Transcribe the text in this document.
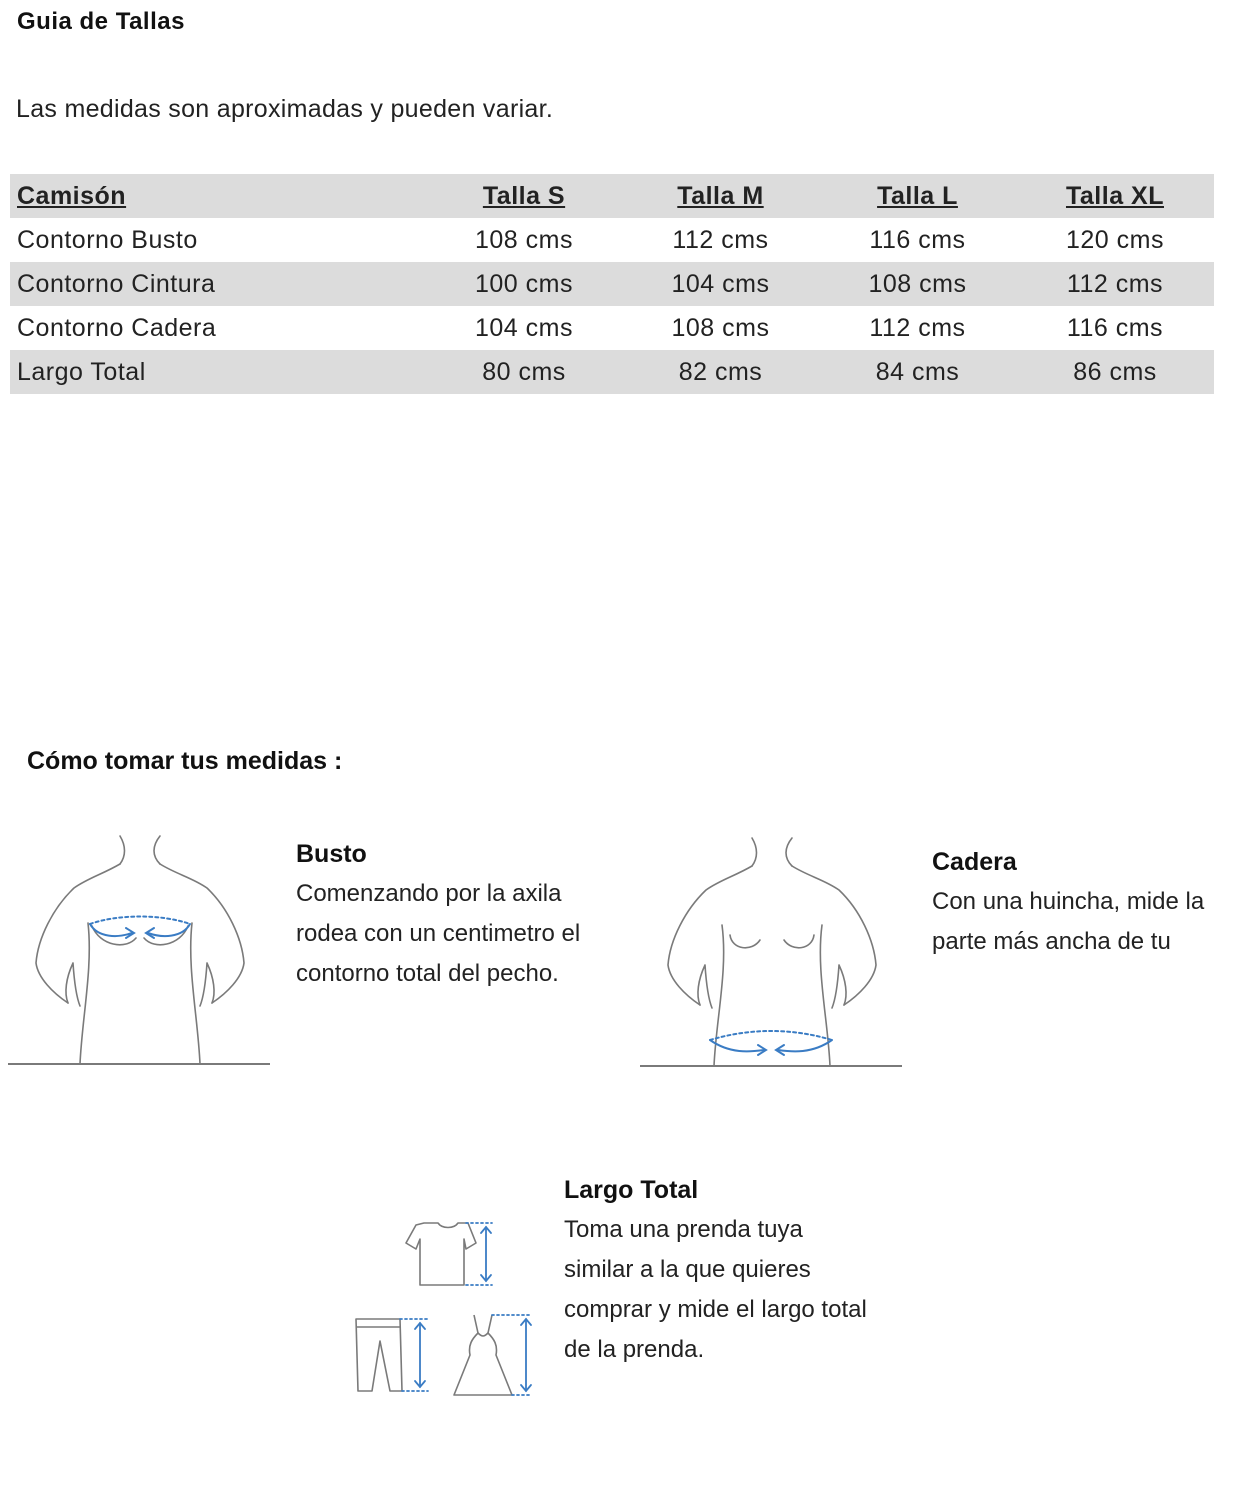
Guia de Tallas
Las medidas son aproximadas y pueden variar.
Camisón	Talla S	Talla M	Talla L	Talla XL
Contorno Busto	108 cms	112 cms	116 cms	120 cms
Contorno Cintura	100 cms	104 cms	108 cms	112 cms
Contorno Cadera	104 cms	108 cms	112 cms	116 cms
Largo Total	80 cms	82 cms	84 cms	86 cms
Cómo tomar tus medidas :

Busto

Comenzando por la axila

rodea con un centimetro el

contorno total del pecho.

Cadera

Con una huincha, mide la

parte más ancha de tu

Largo Total

Toma una prenda tuya

similar a la que quieres

comprar y mide el largo total

de la prenda.
